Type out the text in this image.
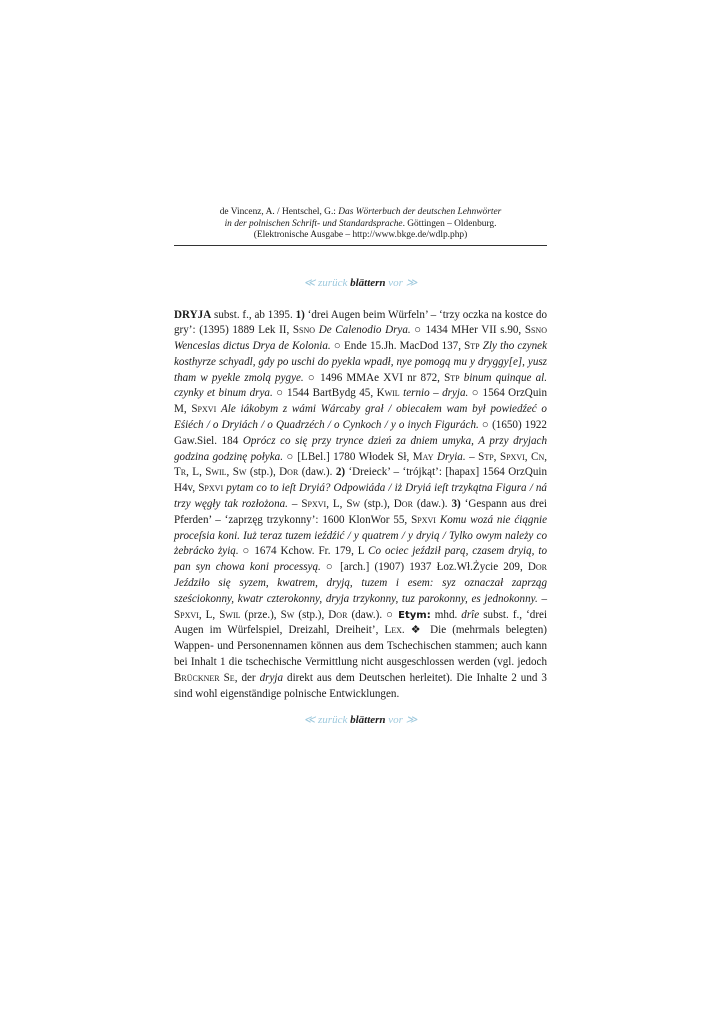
de Vincenz, A. / Hentschel, G.: Das Wörterbuch der deutschen Lehnwörter
in der polnischen Schrift- und Standardsprache. Göttingen – Oldenburg.
(Elektronische Ausgabe – http://www.bkge.de/wdlp.php)
≪ zurück blättern vor ≫

DRYJA subst. f., ab 1395. 1) ‘drei Augen beim Würfeln’ – ‘trzy oczka na kostce do gry’: (1395) 1889 Lek II, Ssno De Calenodio Drya. ○ 1434 MHer VII s.90, Ssno Wenceslas dictus Drya de Kolonia. ○ Ende 15.Jh. MacDod 137, Stp Zly tho czynek kosthyrze schyadl, gdy po uschi do pyekla wpadł, nye pomogą mu y dryggy[e], yusz tham w pyekle zmolą pygye. ○ 1496 MMAe XVI nr 872, Stp binum quinque al. czynky et binum drya. ○ 1544 BartBydg 45, Kwil ternio – dryja. ○ 1564 OrzQuin M, Spxvi Ale iákobym z wámi Wárcaby grał / obiecałem wam był powiedźeć o Eśiéch / o Dryiách / o Quadrzéch / o Cynkoch / y o inych Figurách. ○ (1650) 1922 Gaw.Siel. 184 Oprócz co się przy trynce dzień za dniem umyka, A przy dryjach godzina godzinę połyka. ○ [LBel.] 1780 Włodek Sł, May Dryia. – Stp, Spxvi, Cn, Tr, L, Swil, Sw (stp.), Dor (daw.). 2) ‘Dreieck’ – ‘trójkąt’: [hapax] 1564 OrzQuin H4v, Spxvi pytam co to ieſt Dryiá? Odpowiáda / iż Dryiá ieſt trzykątna Figura / ná trzy węgły tak rozłożona. – Spxvi, L, Sw (stp.), Dor (daw.). 3) ‘Gespann aus drei Pferden’ – ‘zaprzęg trzykonny’: 1600 KlonWor 55, Spxvi Komu wozá nie ćiągnie proceſsia koni. Iuż teraz tuzem ieźdźić / y quatrem / y dryią / Tylko owym należy co żebrácko żyią. ○ 1674 Kchow. Fr. 179, L Co ociec jeździł parą, czasem dryią, to pan syn chowa koni processyą. ○ [arch.] (1907) 1937 Łoz.Wł.Życie 209, Dor Jeździło się syzem, kwatrem, dryją, tuzem i esem: syz oznaczał zaprząg sześciokonny, kwatr czterokonny, dryja trzykonny, tuz parokonny, es jednokonny. – Spxvi, L, Swil (prze.), Sw (stp.), Dor (daw.). ○ Etym: mhd. drîe subst. f., ‘drei Augen im Würfelspiel, Dreizahl, Dreiheit’, Lex. ❖ Die (mehrmals belegten) Wappen- und Personennamen können aus dem Tschechischen stammen; auch kann bei Inhalt 1 die tschechische Vermittlung nicht ausgeschlossen werden (vgl. jedoch Brückner Se, der dryja direkt aus dem Deutschen herleitet). Die Inhalte 2 und 3 sind wohl eigenständige polnische Entwicklungen.

≪ zurück blättern vor ≫
